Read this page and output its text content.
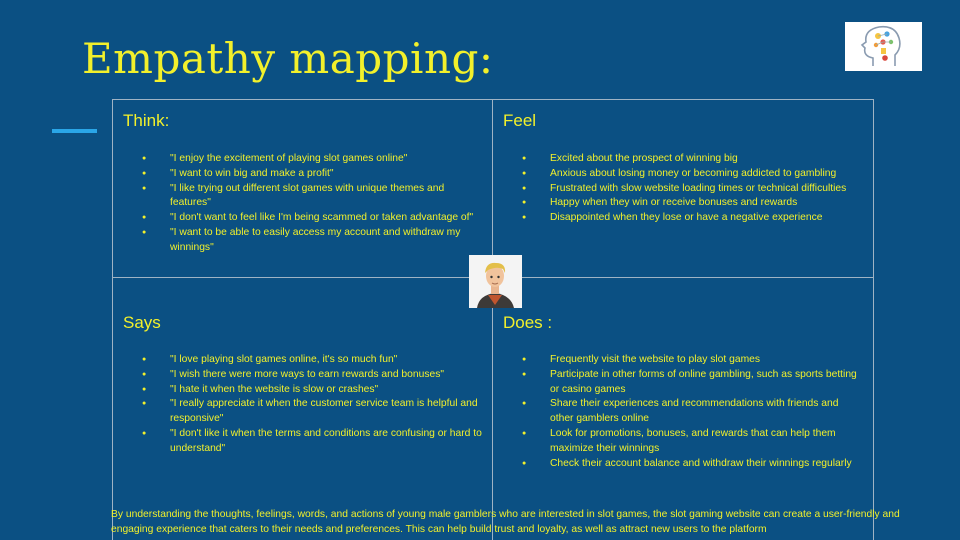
Empathy mapping:
Think:
● "I enjoy the excitement of playing slot games online"
● "I want to win big and make a profit"
● "I like trying out different slot games with unique themes and features"
● "I don't want to feel like I'm being scammed or taken advantage of"
● "I want to be able to easily access my account and withdraw my winnings"
Feel
● Excited about the prospect of winning big
● Anxious about losing money or becoming addicted to gambling
● Frustrated with slow website loading times or technical difficulties
● Happy when they win or receive bonuses and rewards
● Disappointed when they lose or have a negative experience
Says
● "I love playing slot games online, it's so much fun"
● "I wish there were more ways to earn rewards and bonuses"
● "I hate it when the website is slow or crashes"
● "I really appreciate it when the customer service team is helpful and responsive"
● "I don't like it when the terms and conditions are confusing or hard to understand"
Does :
● Frequently visit the website to play slot games
● Participate in other forms of online gambling, such as sports betting or casino games
● Share their experiences and recommendations with friends and other gamblers online
● Look for promotions, bonuses, and rewards that can help them maximize their winnings
● Check their account balance and withdraw their winnings regularly
By understanding the thoughts, feelings, words, and actions of young male gamblers who are interested in slot games, the slot gaming website can create a user-friendly and engaging experience that caters to their needs and preferences. This can help build trust and loyalty, as well as attract new users to the platform
